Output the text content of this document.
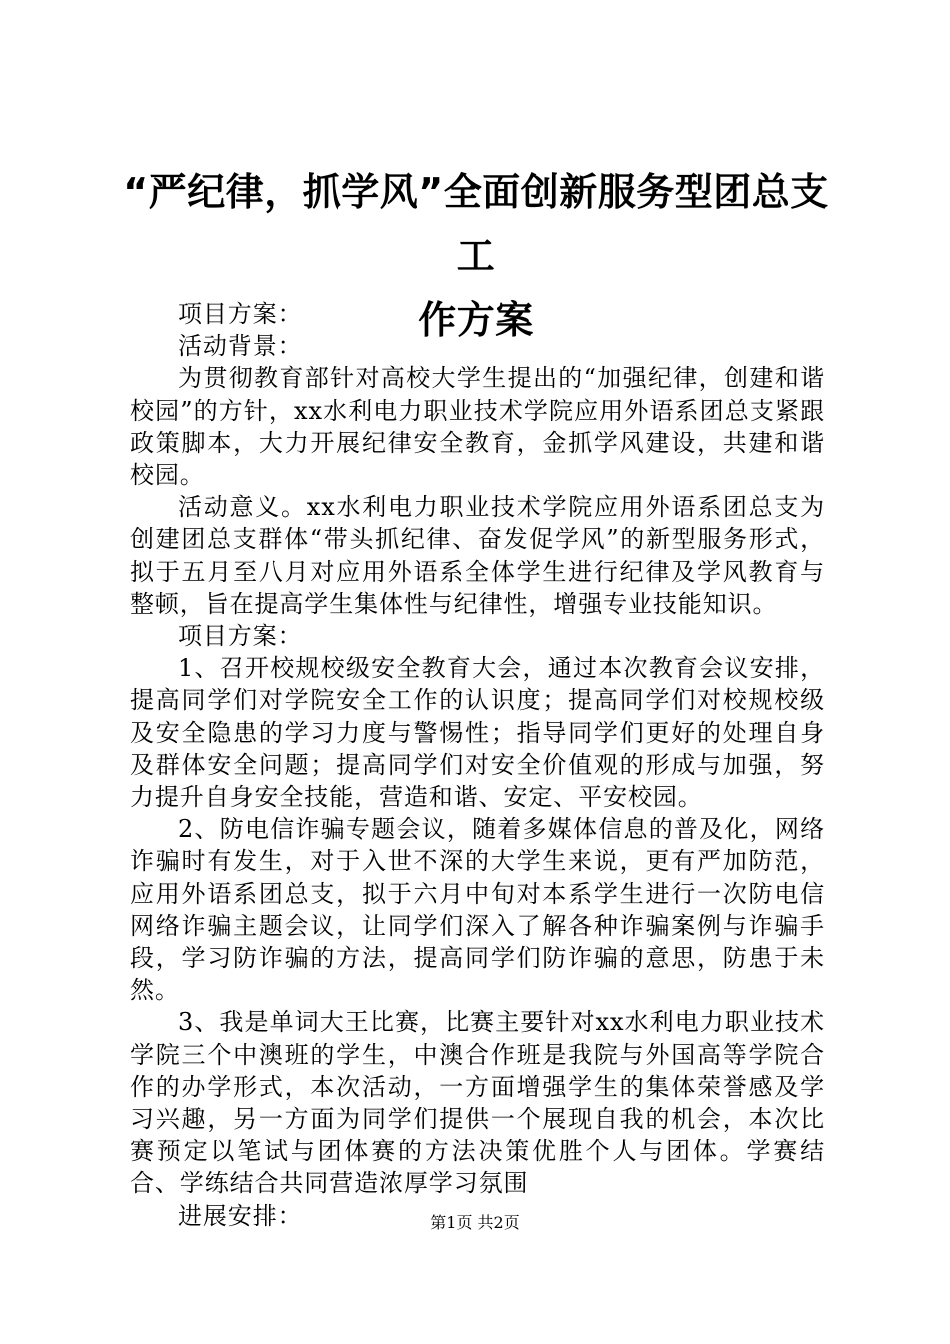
“严纪律，抓学风”全面创新服务型团总支工
作方案

项目方案：

活动背景：

为贯彻教育部针对高校大学生提出的“加强纪律，创建和谐校园”的方针，xx水利电力职业技术学院应用外语系团总支紧跟政策脚本，大力开展纪律安全教育，金抓学风建设，共建和谐校园。

活动意义。xx水利电力职业技术学院应用外语系团总支为创建团总支群体“带头抓纪律、奋发促学风”的新型服务形式，拟于五月至八月对应用外语系全体学生进行纪律及学风教育与整顿，旨在提高学生集体性与纪律性，增强专业技能知识。

项目方案：

1、召开校规校级安全教育大会，通过本次教育会议安排，提高同学们对学院安全工作的认识度；提高同学们对校规校级及安全隐患的学习力度与警惕性；指导同学们更好的处理自身及群体安全问题；提高同学们对安全价值观的形成与加强，努力提升自身安全技能，营造和谐、安定、平安校园。

2、防电信诈骗专题会议，随着多媒体信息的普及化，网络诈骗时有发生，对于入世不深的大学生来说，更有严加防范，应用外语系团总支，拟于六月中旬对本系学生进行一次防电信网络诈骗主题会议，让同学们深入了解各种诈骗案例与诈骗手段，学习防诈骗的方法，提高同学们防诈骗的意思，防患于未然。

3、我是单词大王比赛，比赛主要针对xx水利电力职业技术学院三个中澳班的学生，中澳合作班是我院与外国高等学院合作的办学形式，本次活动，一方面增强学生的集体荣誉感及学习兴趣，另一方面为同学们提供一个展现自我的机会，本次比赛预定以笔试与团体赛的方法决策优胜个人与团体。学赛结合、学练结合共同营造浓厚学习氛围

进展安排：	第1页 共2页
